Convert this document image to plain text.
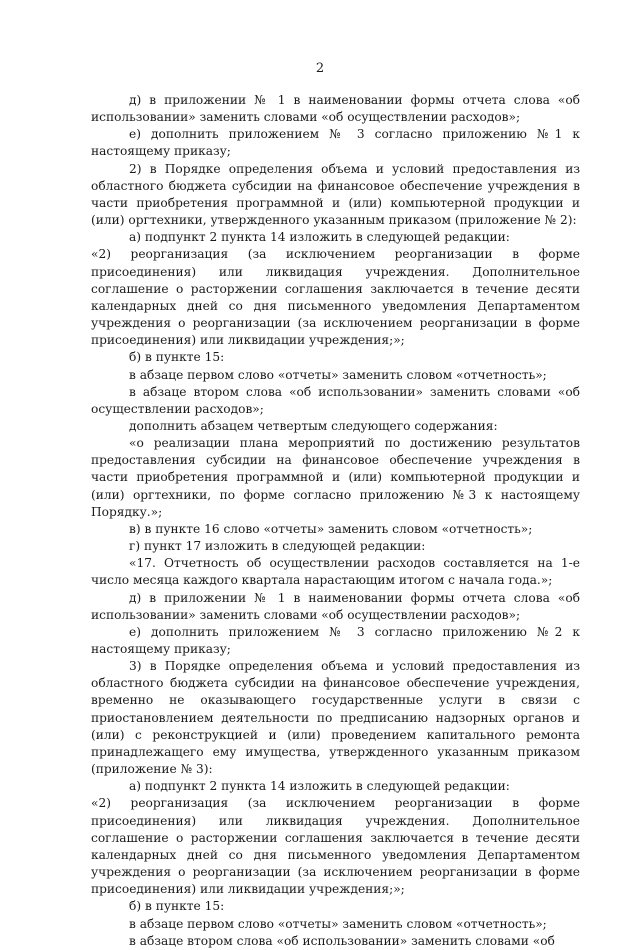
2

д) в приложении № 1 в наименовании формы отчета слова «об использовании» заменить словами «об осуществлении расходов»;

е) дополнить приложением № 3 согласно приложению №1 к настоящему приказу;

2) в Порядке определения объема и условий предоставления из областного бюджета субсидии на финансовое обеспечение учреждения в части приобретения программной и (или) компьютерной продукции и (или) оргтехники, утвержденного указанным приказом (приложение № 2):

а) подпункт 2 пункта 14 изложить в следующей редакции:

«2) реорганизация (за исключением реорганизации в форме присоединения) или ликвидация учреждения. Дополнительное соглашение о расторжении соглашения заключается в течение десяти календарных дней со дня письменного уведомления Департаментом учреждения о реорганизации (за исключением реорганизации в форме присоединения) или ликвидации учреждения;»;

б) в пункте 15:

в абзаце первом слово «отчеты» заменить словом «отчетность»;

в абзаце втором слова «об использовании» заменить словами «об осуществлении расходов»;

дополнить абзацем четвертым следующего содержания:

«о реализации плана мероприятий по достижению результатов предоставления субсидии на финансовое обеспечение учреждения в части приобретения программной и (или) компьютерной продукции и (или) оргтехники, по форме согласно приложению №3 к настоящему Порядку.»;

в) в пункте 16 слово «отчеты» заменить словом «отчетность»;

г) пункт 17 изложить в следующей редакции:

«17. Отчетность об осуществлении расходов составляется на 1-е число месяца каждого квартала нарастающим итогом с начала года.»;

д) в приложении № 1 в наименовании формы отчета слова «об использовании» заменить словами «об осуществлении расходов»;

е) дополнить приложением № 3 согласно приложению №2 к настоящему приказу;

3) в Порядке определения объема и условий предоставления из областного бюджета субсидии на финансовое обеспечение учреждения, временно не оказывающего государственные услуги в связи с приостановлением деятельности по предписанию надзорных органов и (или) с реконструкцией и (или) проведением капитального ремонта принадлежащего ему имущества, утвержденного указанным приказом (приложение № 3):

а) подпункт 2 пункта 14 изложить в следующей редакции:

«2) реорганизация (за исключением реорганизации в форме присоединения) или ликвидация учреждения. Дополнительное соглашение о расторжении соглашения заключается в течение десяти календарных дней со дня письменного уведомления Департаментом учреждения о реорганизации (за исключением реорганизации в форме присоединения) или ликвидации учреждения;»;

б) в пункте 15:

в абзаце первом слово «отчеты» заменить словом «отчетность»;

в абзаце втором слова «об использовании» заменить словами «об
